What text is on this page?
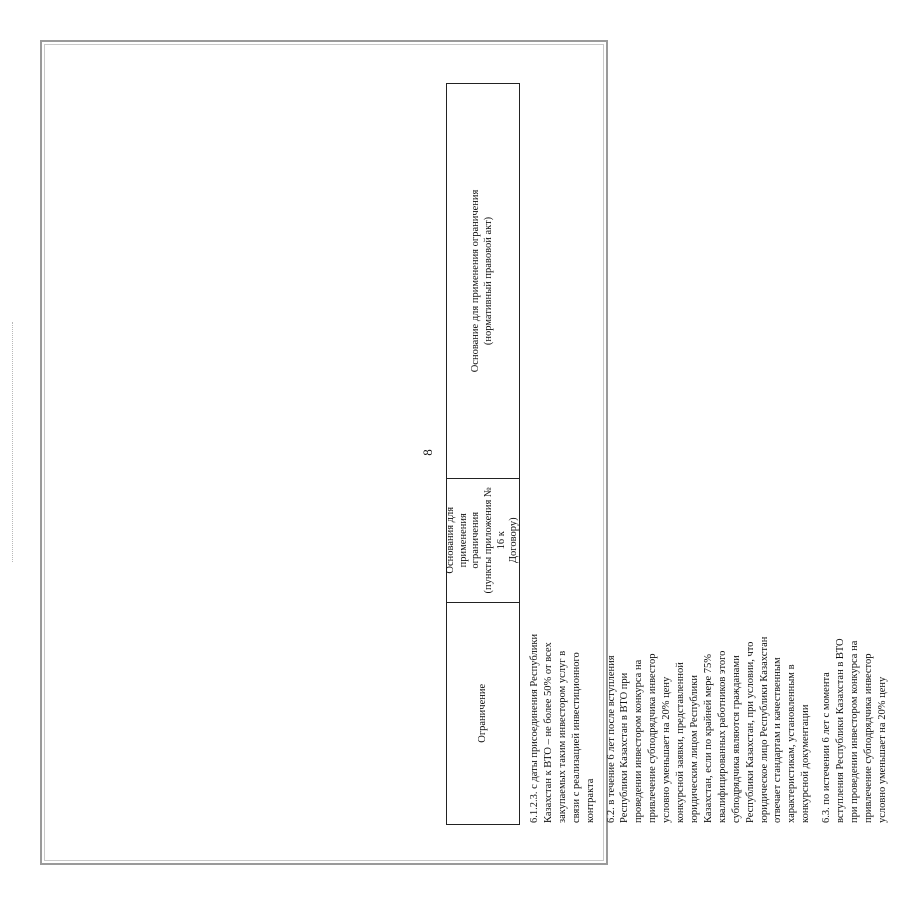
8
Ограничение
Основания для применения ограничения (пункты приложения № 16 к Договору)
Основание для применения ограничения (нормативный правовой акт)
6.1.2.3. с даты присоединения Республики Казахстан к ВТО – не более 50% от всех закупаемых таким инвестором услуг в связи с реализацией инвестиционного контракта 6.2. в течение 6 лет после вступления Республики Казахстан в ВТО при проведении инвестором конкурса на привлечение субподрядчика инвестор условно уменьшает на 20% цену конкурсной заявки, представленной юридическим лицом Республики Казахстан, если по крайней мере 75% квалифицированных работников этого субподрядчика являются гражданами Республики Казахстан, при условии, что юридическое лицо Республики Казахстан отвечает стандартам и качественным характеристикам, установленным в конкурсной документации 6.3. по истечении 6 лет с момента вступления Республики Казахстан в ВТО при проведении инвестором конкурса на привлечение субподрядчика инвестор условно уменьшает на 20% цену
